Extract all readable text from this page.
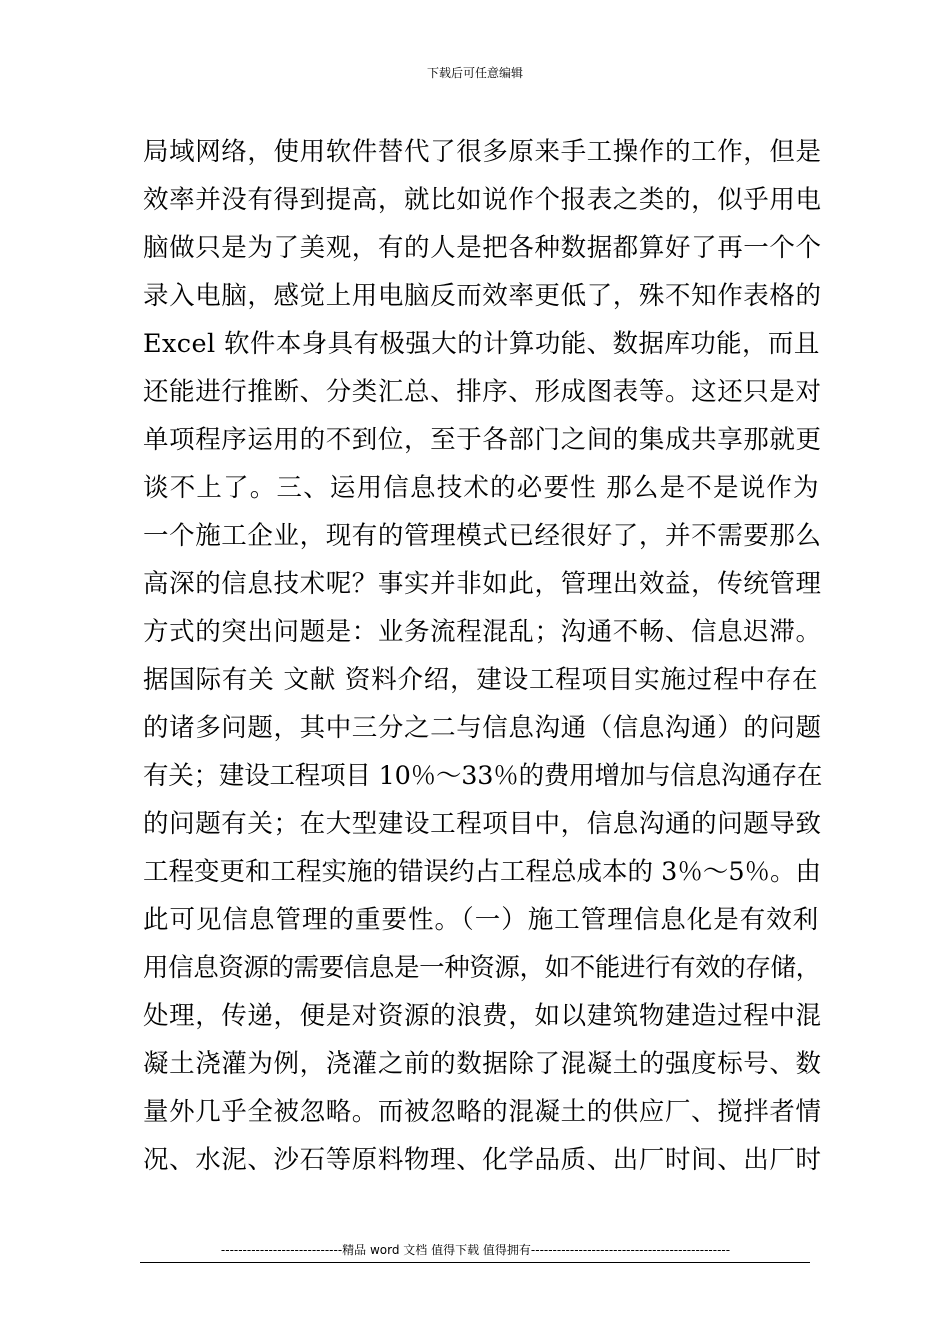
下载后可任意编辑
局域网络，使用软件替代了很多原来手工操作的工作，但是
效率并没有得到提高，就比如说作个报表之类的，似乎用电
脑做只是为了美观，有的人是把各种数据都算好了再一个个
录入电脑，感觉上用电脑反而效率更低了，殊不知作表格的
Excel 软件本身具有极强大的计算功能、数据库功能，而且
还能进行推断、分类汇总、排序、形成图表等。这还只是对
单项程序运用的不到位，至于各部门之间的集成共享那就更
谈不上了。三、运用信息技术的必要性 那么是不是说作为
一个施工企业，现有的管理模式已经很好了，并不需要那么
高深的信息技术呢？事实并非如此，管理出效益，传统管理
方式的突出问题是：业务流程混乱；沟通不畅、信息迟滞。
据国际有关 文献 资料介绍，建设工程项目实施过程中存在
的诸多问题，其中三分之二与信息沟通（信息沟通）的问题
有关；建设工程项目 10％～33％的费用增加与信息沟通存在
的问题有关；在大型建设工程项目中，信息沟通的问题导致
工程变更和工程实施的错误约占工程总成本的 3％～5％。由
此可见信息管理的重要性。（一）施工管理信息化是有效利
用信息资源的需要信息是一种资源，如不能进行有效的存储，
处理，传递，便是对资源的浪费，如以建筑物建造过程中混
凝土浇灌为例，浇灌之前的数据除了混凝土的强度标号、数
量外几乎全被忽略。而被忽略的混凝土的供应厂、搅拌者情
况、水泥、沙石等原料物理、化学品质、出厂时间、出厂时
----------------------------精品 word 文档 值得下载 值得拥有----------------------------------------------
